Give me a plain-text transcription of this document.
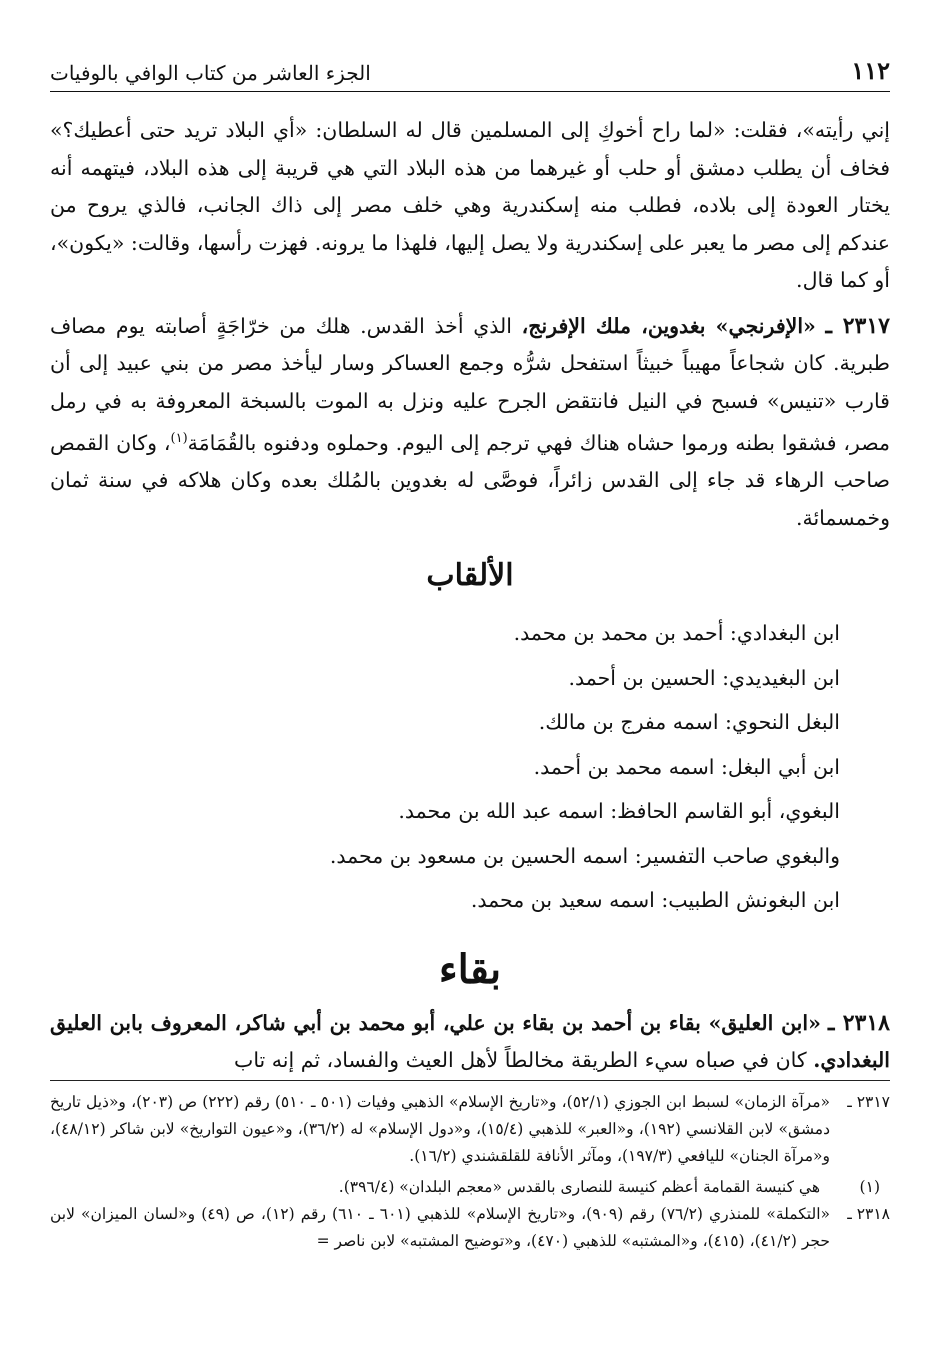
١١٢
الجزء العاشر من كتاب الوافي بالوفيات

إني رأيته»، فقلت: «لما راح أخوكِ إلى المسلمين قال له السلطان: «أي البلاد تريد حتى أعطيك؟» فخاف أن يطلب دمشق أو حلب أو غيرهما من هذه البلاد التي هي قريبة إلى هذه البلاد، فيتهمه أنه يختار العودة إلى بلاده، فطلب منه إسكندرية وهي خلف مصر إلى ذاك الجانب، فالذي يروح من عندكم إلى مصر ما يعبر على إسكندرية ولا يصل إليها، فلهذا ما يرونه. فهزت رأسها، وقالت: «يكون»، أو كما قال.

٢٣١٧ ـ «الإفرنجي» بغدوين، ملك الإفرنج، الذي أخذ القدس. هلك من خرّاجَةٍ أصابته يوم مصاف طبرية. كان شجاعاً مهيباً خبيثاً استفحل شرُّه وجمع العساكر وسار ليأخذ مصر من بني عبيد إلى أن قارب «تنيس» فسبح في النيل فانتقض الجرح عليه ونزل به الموت بالسبخة المعروفة به في رمل مصر، فشقوا بطنه ورموا حشاه هناك فهي ترجم إلى اليوم. وحملوه ودفنوه بالقُمَامَة$^{(١)}$، وكان القمص صاحب الرهاء قد جاء إلى القدس زائراً، فوصَّى له بغدوين بالمُلك بعده وكان هلاكه في سنة ثمان وخمسمائة.

الألقاب
ابن البغدادي: أحمد بن محمد بن محمد.
ابن البغيديدي: الحسين بن أحمد.
البغل النحوي: اسمه مفرج بن مالك.
ابن أبي البغل: اسمه محمد بن أحمد.
البغوي، أبو القاسم الحافظ: اسمه عبد الله بن محمد.
والبغوي صاحب التفسير: اسمه الحسين بن مسعود بن محمد.
ابن البغونش الطبيب: اسمه سعيد بن محمد.
بقاء

٢٣١٨ ـ «ابن العليق» بقاء بن أحمد بن بقاء بن علي، أبو محمد بن أبي شاكر، المعروف بابن العليق البغدادي. كان في صباه سيء الطريقة مخالطاً لأهل العيث والفساد، ثم إنه تاب

٢٣١٧ ـ
«مرآة الزمان» لسبط ابن الجوزي (٥٢/١)، و«تاريخ الإسلام» الذهبي وفيات (٥٠١ ـ ٥١٠) رقم (٢٢٢) ص (٢٠٣)، و«ذيل تاريخ دمشق» لابن القلانسي (١٩٢)، و«العبر» للذهبي (١٥/٤)، و«دول الإسلام» له (٣٦/٢)، و«عيون التواريخ» لابن شاكر (٤٨/١٢)، و«مرآة الجنان» لليافعي (١٩٧/٣)، ومآثر الأنافة للقلقشندي (١٦/٢).
(١)
هي كنيسة القمامة أعظم كنيسة للنصارى بالقدس «معجم البلدان» (٣٩٦/٤).
٢٣١٨ ـ
«التكملة» للمنذري (٧٦/٢) رقم (٩٠٩)، و«تاريخ الإسلام» للذهبي (٦٠١ ـ ٦١٠) رقم (١٢)، ص (٤٩) و«لسان الميزان» لابن حجر (٤١/٢)، (٤١٥)، و«المشتبه» للذهبي (٤٧٠)، و«توضيح المشتبه» لابن ناصر =
